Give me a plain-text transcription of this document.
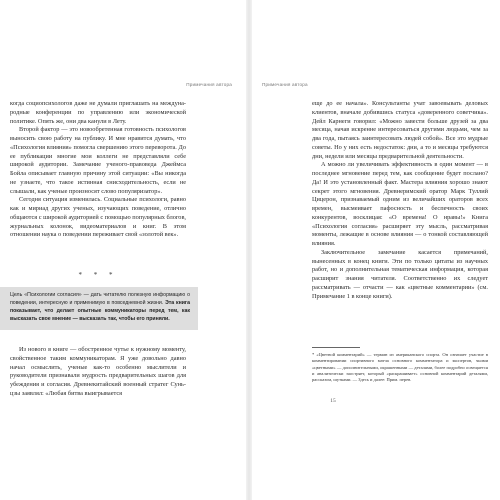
Примечания автора

когда социопсихологов даже не думали приглашать на международные конференции по управлению или экономической политике. Опять же, они два канули в Лету.

Второй фактор — это новообретенная готовность психологов выносить свою работу на публику. И мне нравится думать, что «Психология влияния» помогла свершению этого переворота. До ее публикации многие мои коллеги не представляли себе широкой аудитории. Замечание ученого-правоведа Джеймса Бойла описывает главную причину этой ситуации: «Вы никогда не узнаете, что такое истинная снисходительность, если не слышали, как ученые произносят слово популяризатор».

Сегодня ситуация изменилась. Социальные психологи, равно как и мириад других ученых, изучающих поведение, отлично общаются с широкой аудиторией с помощью популярных блогов, журнальных колонок, видеоматериалов и книг. В этом отношении наука о поведении переживает свой «золотой век».

* * *
Цель «Психологии согласия» — дать читателю полезную информацию о поведении, интересную и применимую в повседневной жизни. Эта книга показывает, что делает опытные коммуникаторы перед тем, как высказать свое мнение — высказать так, чтобы его приняли.

Из нового в книге — обостренное чутье к нужному моменту, свойственное таким коммуникаторам. Я уже довольно давно начал осмыслить, ученые как-то особенно мыслители и руководители признавали мудрость предварительных шагов для убеждения и согласия. Древнекитайский военный стратег Сунь-цзы заявлял: «Любая битва выигрывается

Примечания автора

еще до ее начала». Консультанты учат завоевывать деловых клиентов, вначале добившись статуса «доверенного советчика». Дейл Карнеги говорил: «Можно завести больше друзей за два месяца, начав искренне интересоваться другими людьми, чем за два года, пытаясь заинтересовать людей собой». Все это мудрые советы. Но у них есть недостаток: дни, а то и месяцы требуются дни, недели или месяцы предварительной деятельности.

А можно ли увеличивать эффективность в один момент — в последнее мгновение перед тем, как сообщение будет послано? Да! И это установленный факт. Мастера влияния хорошо знают секрет этого мгновения. Древнеримский оратор Марк Туллий Цицерон, признаваемый одним из величайших ораторов всех времен, высмеивает пафосность и беспечность своих конкурентов, восклицая: «О времена! О нравы!» Книга «Психология согласия» расширяет эту мысль, рассматривая моменты, лежащие в основе влияния — о тонкой составляющей влияния.

Заключительное замечание касается примечаний, вынесенных в конец книги. Эти по только цитаты из научных работ, но и дополнительная тематическая информация, которая расширит знания читателя. Соответственно их следует рассматривать — отчасти — как «цветные комментарии» (см. Примечание 1 в конце книги).

* «Цветной комментарий» — термин из американского спорта. Он означает участие в комментировании спортивного матча основного комментатора и экспертов, чьими «цветными» — дополнительными, окрашенными — деталями, более подробно освещается и аналитически заостряет, который «раскрашивает» основной комментарий деталями, рассказом, шутками. — Здесь и далее: Прим. перев.
15
